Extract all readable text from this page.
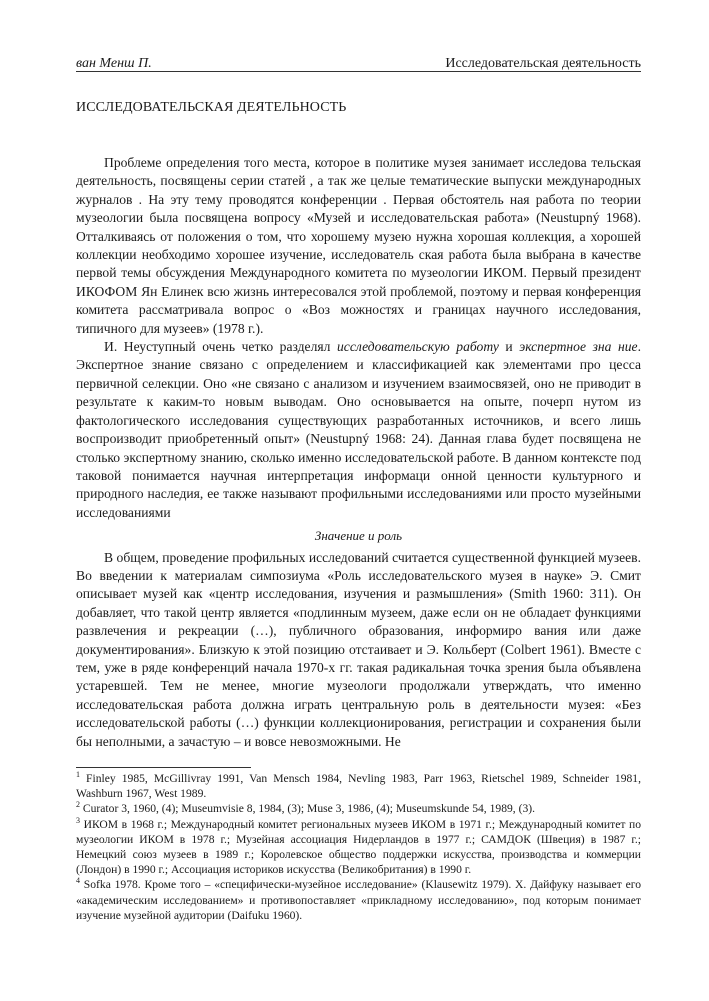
ван Менш П.	Исследовательская деятельность
ИССЛЕДОВАТЕЛЬСКАЯ ДЕЯТЕЛЬНОСТЬ

Проблеме определения того места, которое в политике музея занимает исследова тельская деятельность, посвящены серии статей , а так же целые тематические выпуски международных журналов . На эту тему проводятся конференции . Первая обстоятель ная работа по теории музеологии была посвящена вопросу «Музей и исследовательская работа» (Neustupný 1968). Отталкиваясь от положения о том, что хорошему музею нужна хорошая коллекция, а хорошей коллекции необходимо хорошее изучение, исследователь ская работа была выбрана в качестве первой темы обсуждения Международного комитета по музеологии ИКОМ. Первый президент ИКОФОМ Ян Елинек всю жизнь интересовался этой проблемой, поэтому и первая конференция комитета рассматривала вопрос о «Воз можностях и границах научного исследования, типичного для музеев» (1978 г.).

И. Неуступный очень четко разделял исследовательскую работу и экспертное зна ние. Экспертное знание связано с определением и классификацией как элементами про цесса первичной селекции. Оно «не связано с анализом и изучением взаимосвязей, оно не приводит в результате к каким-то новым выводам. Оно основывается на опыте, почерп нутом из фактологического исследования существующих разработанных источников, и всего лишь воспроизводит приобретенный опыт» (Neustupný 1968: 24). Данная глава будет посвящена не столько экспертному знанию, сколько именно исследовательской работе. В данном контексте под таковой понимается научная интерпретация информаци онной ценности культурного и природного наследия, ее также называют профильными исследованиями или просто музейными исследованиями

Значение и роль

В общем, проведение профильных исследований считается существенной функцией музеев. Во введении к материалам симпозиума «Роль исследовательского музея в науке» Э. Смит описывает музей как «центр исследования, изучения и размышления» (Smith 1960: 311). Он добавляет, что такой центр является «подлинным музеем, даже если он не обладает функциями развлечения и рекреации (…), публичного образования, информиро вания или даже документирования». Близкую к этой позицию отстаивает и Э. Кольберт (Colbert 1961). Вместе с тем, уже в ряде конференций начала 1970-х гг. такая радикальная точка зрения была объявлена устаревшей. Тем не менее, многие музеологи продолжали утверждать, что именно исследовательская работа должна играть центральную роль в деятельности музея: «Без исследовательской работы (…) функции коллекционирования, регистрации и сохранения были бы неполными, а зачастую – и вовсе невозможными. Не

$^1$ Finley 1985, McGillivray 1991, Van Mensch 1984, Nevling 1983, Parr 1963, Rietschel 1989, Schneider 1981, Washburn 1967, West 1989.

$^2$ Curator 3, 1960, (4); Museumvisie 8, 1984, (3); Muse 3, 1986, (4); Museumskunde 54, 1989, (3).

$^3$ ИКОМ в 1968 г.; Международный комитет региональных музеев ИКОМ в 1971 г.; Международный комитет по музеологии ИКОМ в 1978 г.; Музейная ассоциация Нидерландов в 1977 г.; САМДОК (Швеция) в 1987 г.; Немецкий союз музеев в 1989 г.; Королевское общество поддержки искусства, производства и коммерции (Лондон) в 1990 г.; Ассоциация историков искусства (Великобритания) в 1990 г.

$^4$ Sofka 1978. Кроме того – «специфически-музейное исследование» (Klausewitz 1979). Х. Дайфуку называет его «академическим исследованием» и противопоставляет «прикладному исследованию», под которым понимает изучение музейной аудитории (Daifuku 1960).
